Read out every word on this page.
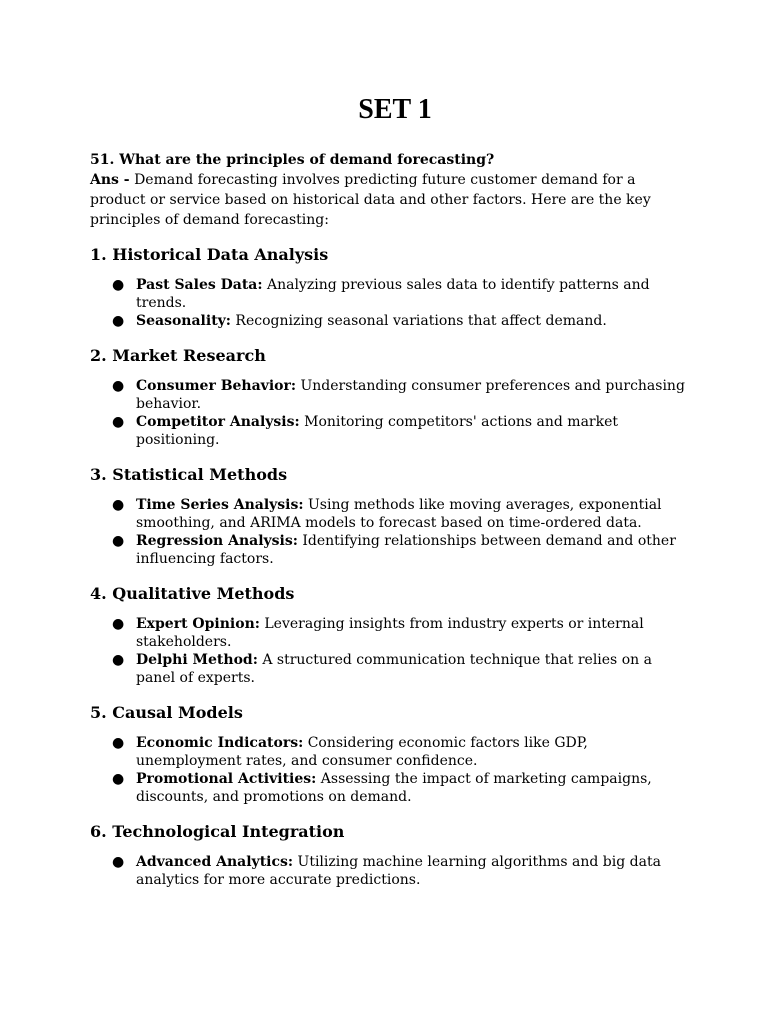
SET 1

51. What are the principles of demand forecasting?

Ans - Demand forecasting involves predicting future customer demand for a product or service based on historical data and other factors. Here are the key principles of demand forecasting:

1. Historical Data Analysis
● Past Sales Data: Analyzing previous sales data to identify patterns and trends.
● Seasonality: Recognizing seasonal variations that affect demand.
2. Market Research
● Consumer Behavior: Understanding consumer preferences and purchasing behavior.
● Competitor Analysis: Monitoring competitors' actions and market positioning.
3. Statistical Methods
● Time Series Analysis: Using methods like moving averages, exponential smoothing, and ARIMA models to forecast based on time-ordered data.
● Regression Analysis: Identifying relationships between demand and other influencing factors.
4. Qualitative Methods
● Expert Opinion: Leveraging insights from industry experts or internal stakeholders.
● Delphi Method: A structured communication technique that relies on a panel of experts.
5. Causal Models
● Economic Indicators: Considering economic factors like GDP, unemployment rates, and consumer confidence.
● Promotional Activities: Assessing the impact of marketing campaigns, discounts, and promotions on demand.
6. Technological Integration
● Advanced Analytics: Utilizing machine learning algorithms and big data analytics for more accurate predictions.
